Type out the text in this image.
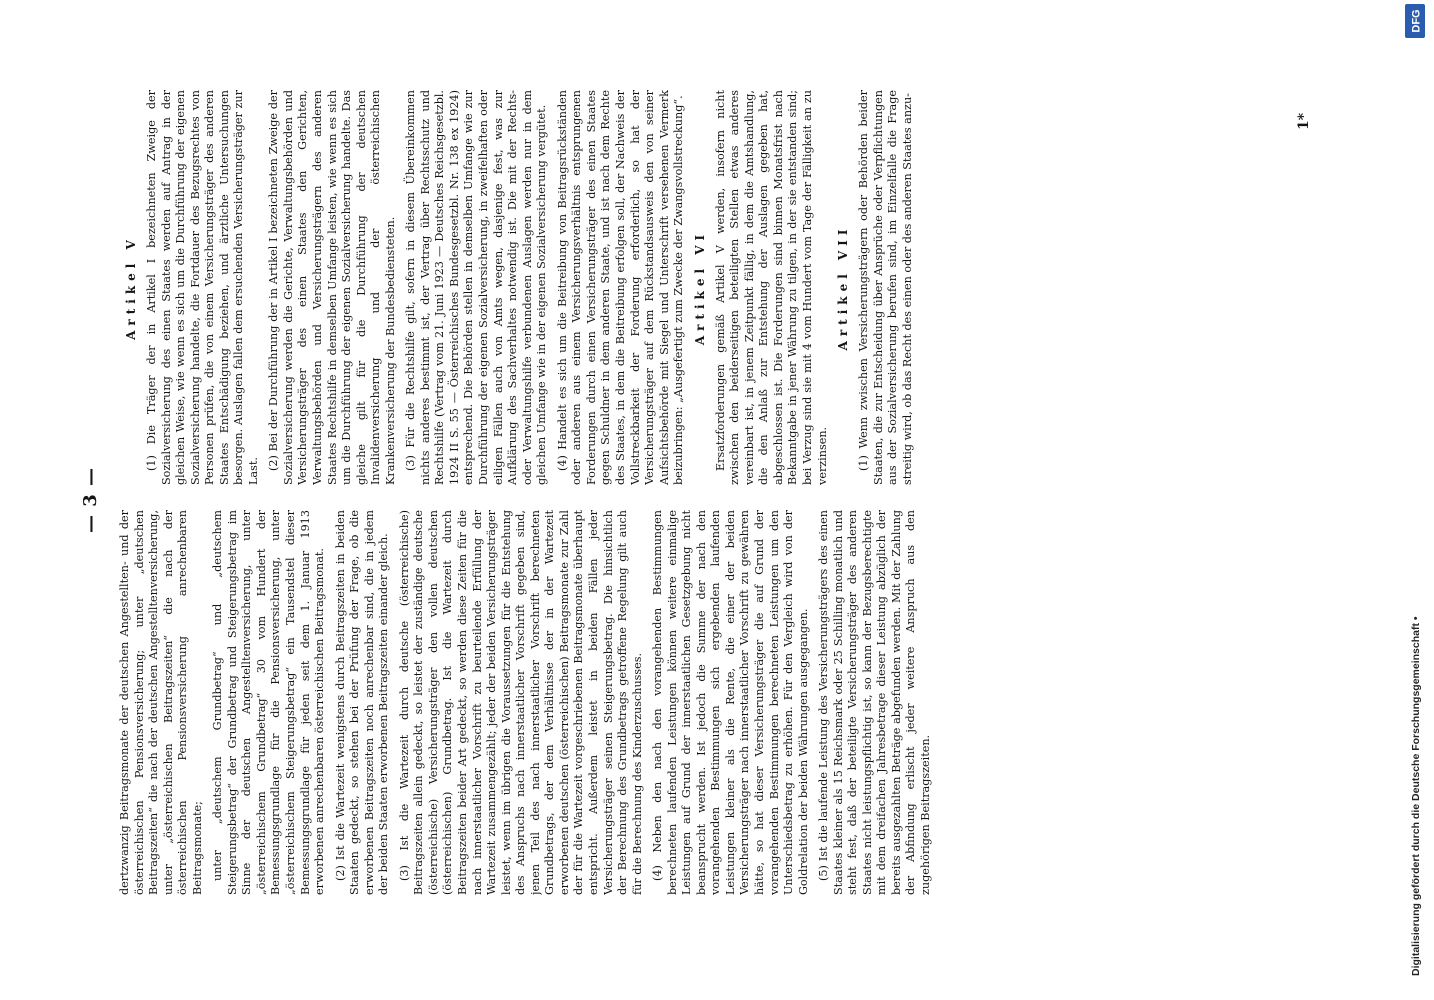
— 3 —

dertzwanzig Beitragsmonate der deutschen Angestellten- und der österreichischen Pensionsversicherung; unter „deutschen Beitragszeiten“ die nach der deutschen Angestelltenversicherung, unter „österreichischen Beitragszeiten“ die nach der österreichischen Pensionsversicherung anrechenbaren Beitragsmonate; unter „deutschem Grundbetrag“ und „deutschem Steigerungsbetrag“ der Grundbetrag und Steigerungsbetrag im Sinne der deutschen Angestelltenversicherung, unter „österreichischem Grundbetrag“ 30 vom Hundert der Bemessungsgrundlage für die Pensionsversicherung, unter „österreichischem Steigerungsbetrag“ ein Tausendstel dieser Bemessungsgrundlage für jeden seit dem 1. Januar 1913 erworbenen anrechenbaren österreichischen Beitragsmonat. (2) Ist die Wartezeit wenigstens durch Beitragszeiten in beiden Staaten gedeckt, so stehen bei der Prüfung der Frage, ob die erworbenen Beitragszeiten noch anrechenbar sind, die in jedem der beiden Staaten erworbenen Beitragszeiten einander gleich. (3) Ist die Wartezeit durch deutsche (österreichische) Beitragszeiten allein gedeckt, so leistet der zuständige deutsche (österreichische) Versicherungsträger den vollen deutschen (österreichischen) Grundbetrag. Ist die Wartezeit durch Beitragszeiten beider Art gedeckt, so werden diese Zeiten für die nach innerstaatlicher Vorschrift zu beurteilende Erfüllung der Wartezeit zusammengezählt; jeder der beiden Versicherungsträger leistet, wenn im übrigen die Voraussetzungen für die Entstehung des Anspruchs nach innerstaatlicher Vorschrift gegeben sind, jenen Teil des nach innerstaatlicher Vorschrift berechneten Grundbetrags, der dem Verhältnisse der in der Wartezeit erworbenen deutschen (österreichischen) Beitragsmonate zur Zahl der für die Wartezeit vorgeschriebenen Beitragsmonate überhaupt entspricht. Außerdem leistet in beiden Fällen jeder Versicherungsträger seinen Steigerungsbetrag. Die hinsichtlich der Berechnung des Grundbetrags getroffene Regelung gilt auch für die Berechnung des Kinderzuschusses. (4) Neben den nach den vorangehenden Bestimmungen berechneten laufenden Leistungen können weitere einmalige Leistungen auf Grund der innerstaatlichen Gesetzgebung nicht beansprucht werden. Ist jedoch die Summe der nach den vorangehenden Bestimmungen sich ergebenden laufenden Leistungen kleiner als die Rente, die einer der beiden Versicherungsträger nach innerstaatlicher Vorschrift zu gewähren hätte, so hat dieser Versicherungsträger die auf Grund der vorangehenden Bestimmungen berechneten Leistungen um den Unterschiedsbetrag zu erhöhen. Für den Vergleich wird von der Goldrelation der beiden Währungen ausgegangen. (5) Ist die laufende Leistung des Versicherungsträgers des einen Staates kleiner als 15 Reichsmark oder 25 Schilling monatlich und steht fest, daß der beteiligte Versicherungsträger des anderen Staates nicht leistungspflichtig ist, so kann der Bezugsberechtigte mit dem dreifachen Jahresbetrage dieser Leistung abzüglich der bereits ausgezahlten Beträge abgefunden werden. Mit der Zahlung der Abfindung erlischt jeder weitere Anspruch aus den zugehörigen Beitragszeiten.

Artikel V (1) Die Träger der in Artikel I bezeichneten Zweige der Sozialversicherung des einen Staates werden auf Antrag in der gleichen Weise, wie wenn es sich um die Durchführung der eigenen Sozialversicherung handelte, die Fortdauer des Bezugsrechtes von Personen prüfen, die von einem Versicherungsträger des anderen Staates Entschädigung beziehen, und ärztliche Untersuchungen besorgen. Auslagen fallen dem ersuchenden Versicherungsträger zur Last.

(2) Bei der Durchführung der in Artikel I bezeichneten Zweige der Sozialversicherung werden die Gerichte, Verwaltungsbehörden und Versicherungsträger des einen Staates den Gerichten, Verwaltungsbehörden und Versicherungsträgern des anderen Staates Rechtshilfe in demselben Umfange leisten, wie wenn es sich um die Durchführung der eigenen Sozialversicherung handelte. Das gleiche gilt für die Durchführung der deutschen Invalidenversicherung und der österreichischen Krankenversicherung der Bundesbediensteten. (3) Für die Rechtshilfe gilt, sofern in diesem Übereinkommen nichts anderes bestimmt ist, der Vertrag über Rechtsschutz und Rechtshilfe (Vertrag vom 21. Juni 1923 — Deutsches Reichsgesetzbl. 1924 II S. 55 — Österreichisches Bundesgesetzbl. Nr. 138 ex 1924) entsprechend. Die Behörden stellen in demselben Umfange wie zur Durchführung der eigenen Sozialversicherung, in zweifelhaften oder eiligen Fällen auch von Amts wegen, dasjenige fest, was zur Aufklärung des Sachverhaltes notwendig ist. Die mit der Rechts- oder Verwaltungshilfe verbundenen Auslagen werden nur in dem gleichen Umfange wie in der eigenen Sozialversicherung vergütet. (4) Handelt es sich um die Beitreibung von Beitragsrückständen oder anderen aus einem Versicherungsverhältnis entsprungenen Forderungen durch einen Versicherungsträger des einen Staates gegen Schuldner in dem anderen Staate, und ist nach dem Rechte des Staates, in dem die Beitreibung erfolgen soll, der Nachweis der Vollstreckbarkeit der Forderung erforderlich, so hat der Versicherungsträger auf dem Rückstandsausweis den von seiner Aufsichtsbehörde mit Siegel und Unterschrift versehenen Vermerk beizubringen: „Ausgefertigt zum Zwecke der Zwangsvollstreckung“. Artikel VI Ersatzforderungen gemäß Artikel V werden, insofern nicht zwischen den beiderseitigen beteiligten Stellen etwas anderes vereinbart ist, in jenem Zeitpunkt fällig, in dem die Amtshandlung, die den Anlaß zur Entstehung der Auslagen gegeben hat, abgeschlossen ist. Die Forderungen sind binnen Monatsfrist nach Bekanntgabe in jener Währung zu tilgen, in der sie entstanden sind; bei Verzug sind sie mit 4 vom Hundert vom Tage der Fälligkeit an zu verzinsen.

Artikel VII (1) Wenn zwischen Versicherungsträgern oder Behörden beider Staaten, die zur Entscheidung über Ansprüche oder Verpflichtungen aus der Sozialversicherung berufen sind, im Einzelfalle die Frage streitig wird, ob das Recht des einen oder des anderen Staates anzu-	1*
Digitalisierung gefördert durch die Deutsche Forschungsgemeinschaft •
DFG
